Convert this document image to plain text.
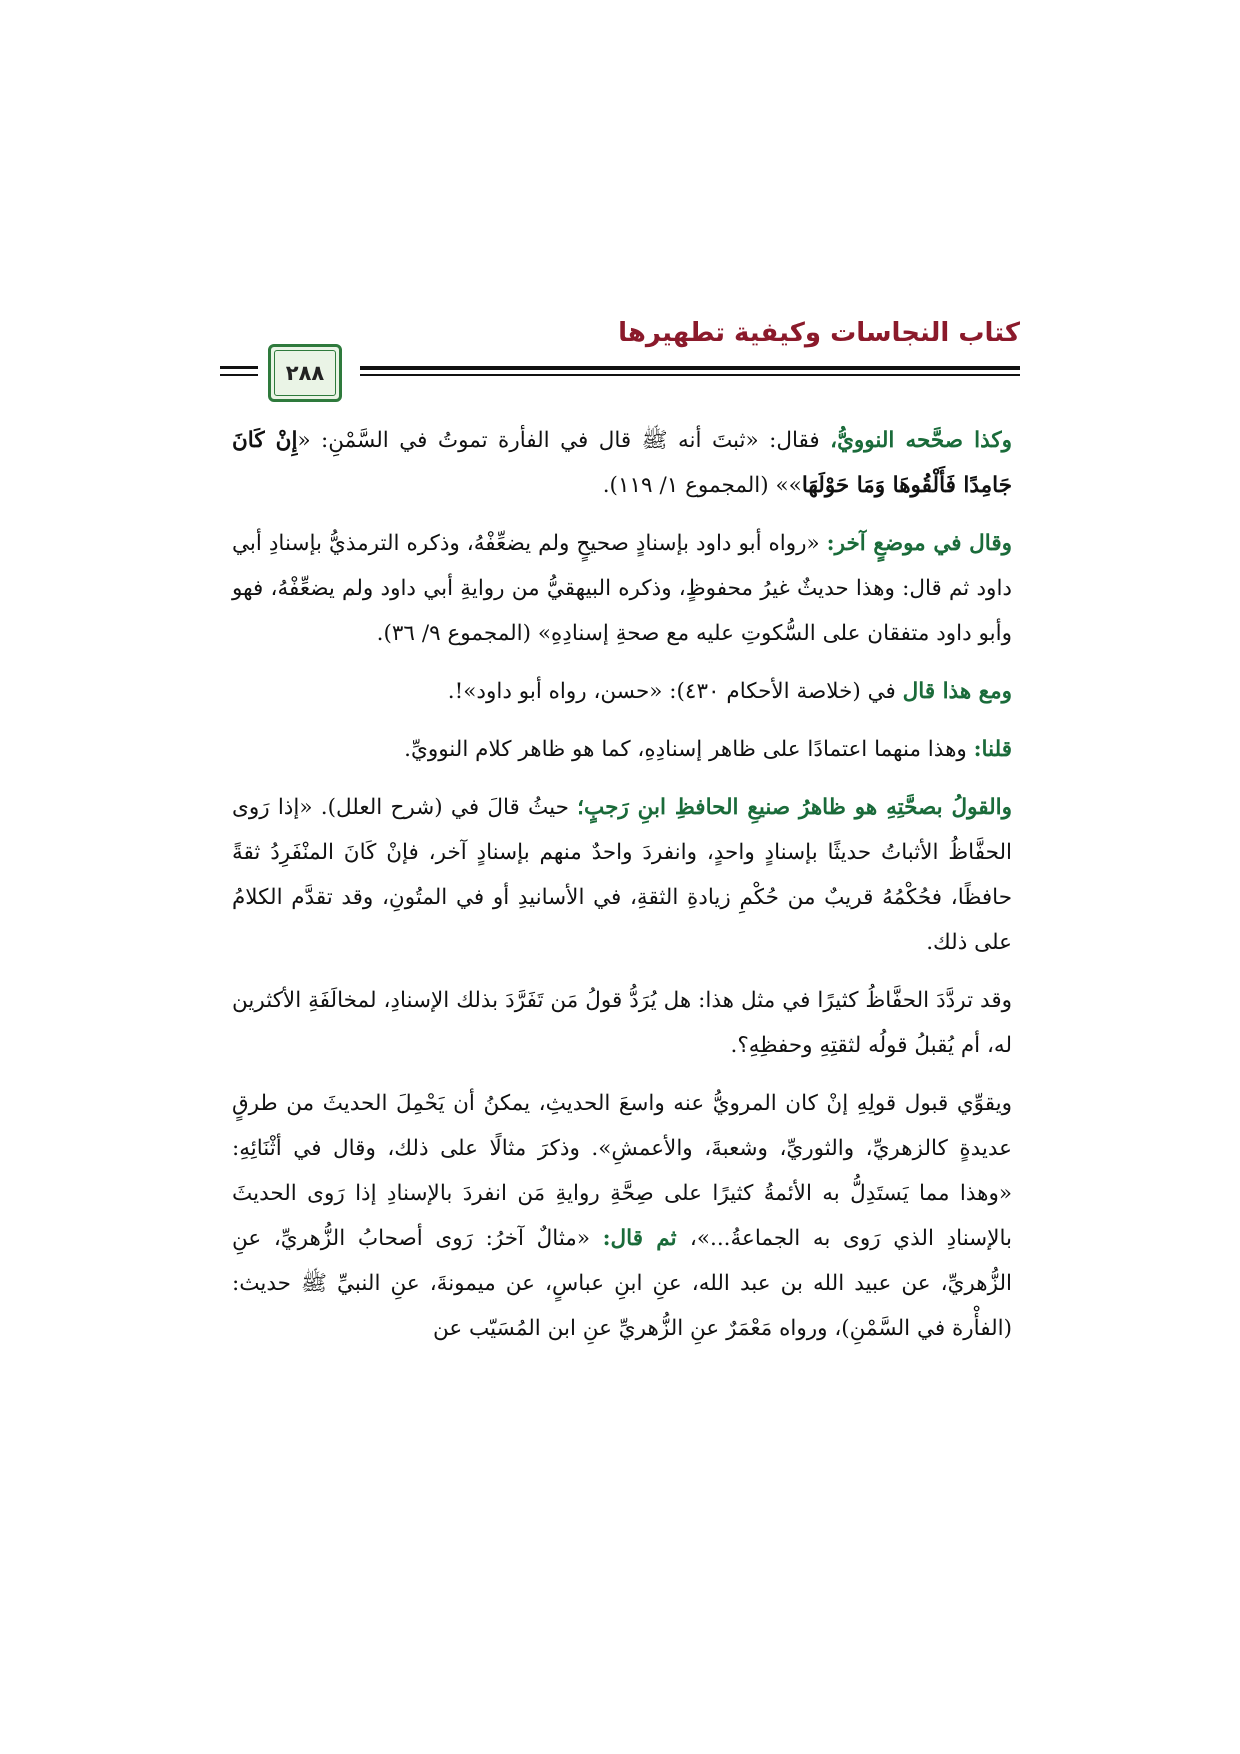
كتاب النجاسات وكيفية تطهيرها
٢٨٨

وكذا صحَّحه النوويُّ، فقال: «ثبتَ أنه ﷺ قال في الفأرة تموتُ في السَّمْنِ: «إِنْ كَانَ جَامِدًا فَأَلْقُوهَا وَمَا حَوْلَهَا»» (المجموع ١/ ١١٩).

وقال في موضعٍ آخر: «رواه أبو داود بإسنادٍ صحيحٍ ولم يضعِّفْهُ، وذكره الترمذيُّ بإسنادِ أبي داود ثم قال: وهذا حديثٌ غيرُ محفوظٍ، وذكره البيهقيُّ من روايةِ أبي داود ولم يضعِّفْهُ، فهو وأبو داود متفقان على السُّكوتِ عليه مع صحةِ إسنادِهِ» (المجموع ٩/ ٣٦).

ومع هذا قال في (خلاصة الأحكام ٤٣٠): «حسن، رواه أبو داود»!.

قلنا: وهذا منهما اعتمادًا على ظاهر إسنادِهِ، كما هو ظاهر كلام النوويِّ.

والقولُ بصحَّتِهِ هو ظاهرُ صنيعِ الحافظِ ابنِ رَجبٍ؛ حيثُ قالَ في (شرح العلل). «إذا رَوى الحفَّاظُ الأثباتُ حديثًا بإسنادٍ واحدٍ، وانفردَ واحدٌ منهم بإسنادٍ آخر، فإنْ كَانَ المنْفَرِدُ ثقةً حافظًا، فحُكْمُهُ قريبٌ من حُكْمِ زيادةِ الثقةِ، في الأسانيدِ أو في المتُونِ، وقد تقدَّم الكلامُ على ذلك.

وقد تردَّدَ الحفَّاظُ كثيرًا في مثل هذا: هل يُرَدُّ قولُ مَن تَفَرَّدَ بذلك الإسنادِ، لمخالَفَةِ الأكثرين له، أم يُقبلُ قولُه لثقتِهِ وحفظِهِ؟.

ويقوِّي قبول قولِهِ إنْ كان المرويُّ عنه واسعَ الحديثِ، يمكنُ أن يَحْمِلَ الحديثَ من طرقٍ عديدةٍ كالزهريِّ، والثوريِّ، وشعبةَ، والأعمشِ». وذكرَ مثالًا على ذلك، وقال في أثْنَائِهِ: «وهذا مما يَستَدِلُّ به الأئمةُ كثيرًا على صِحَّةِ روايةِ مَن انفردَ بالإسنادِ إذا رَوى الحديثَ بالإسنادِ الذي رَوى به الجماعةُ...»، ثم قال: «مثالٌ آخرُ: رَوى أصحابُ الزُّهريِّ، عنِ الزُّهريِّ، عن عبيد الله بن عبد الله، عنِ ابنِ عباسٍ، عن ميمونةَ، عنِ النبيِّ ﷺ حديث: (الفأْرة في السَّمْنِ)، ورواه مَعْمَرٌ عنِ الزُّهريِّ عنِ ابن المُسَيّب عن
